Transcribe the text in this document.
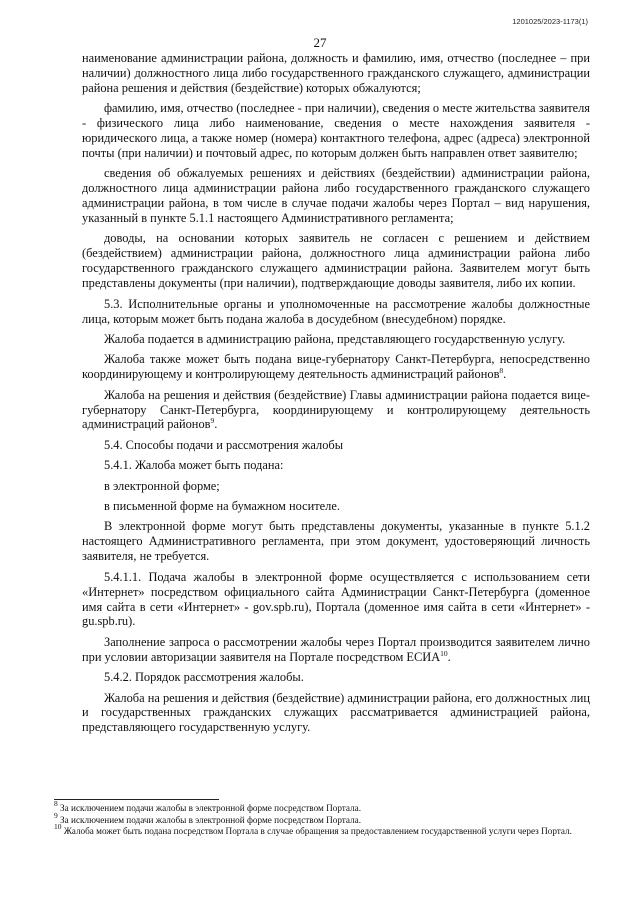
1201025/2023-1173(1)
27
наименование администрации района, должность и фамилию, имя, отчество (последнее – при наличии) должностного лица либо государственного гражданского служащего, администрации района решения и действия (бездействие) которых обжалуются;
фамилию, имя, отчество (последнее - при наличии), сведения о месте жительства заявителя - физического лица либо наименование, сведения о месте нахождения заявителя - юридического лица, а также номер (номера) контактного телефона, адрес (адреса) электронной почты (при наличии) и почтовый адрес, по которым должен быть направлен ответ заявителю;
сведения об обжалуемых решениях и действиях (бездействии) администрации района, должностного лица администрации района либо государственного гражданского служащего администрации района, в том числе в случае подачи жалобы через Портал – вид нарушения, указанный в пункте 5.1.1 настоящего Административного регламента;
доводы, на основании которых заявитель не согласен с решением и действием (бездействием) администрации района, должностного лица администрации района либо государственного гражданского служащего администрации района. Заявителем могут быть представлены документы (при наличии), подтверждающие доводы заявителя, либо их копии.
5.3. Исполнительные органы и уполномоченные на рассмотрение жалобы должностные лица, которым может быть подана жалоба в досудебном (внесудебном) порядке.
Жалоба подается в администрацию района, представляющего государственную услугу.
Жалоба также может быть подана вице-губернатору Санкт-Петербурга, непосредственно координирующему и контролирующему деятельность администраций районов$^8$.
Жалоба на решения и действия (бездействие) Главы администрации района подается вице-губернатору Санкт-Петербурга, координирующему и контролирующему деятельность администраций районов$^9$.
5.4. Способы подачи и рассмотрения жалобы
5.4.1. Жалоба может быть подана:
в электронной форме;
в письменной форме на бумажном носителе.
В электронной форме могут быть представлены документы, указанные в пункте 5.1.2 настоящего Административного регламента, при этом документ, удостоверяющий личность заявителя, не требуется.
5.4.1.1. Подача жалобы в электронной форме осуществляется с использованием сети «Интернет» посредством официального сайта Администрации Санкт-Петербурга (доменное имя сайта в сети «Интернет» - gov.spb.ru), Портала (доменное имя сайта в сети «Интернет» - gu.spb.ru).
Заполнение запроса о рассмотрении жалобы через Портал производится заявителем лично при условии авторизации заявителя на Портале посредством ЕСИА$^{10}$.
5.4.2. Порядок рассмотрения жалобы.
Жалоба на решения и действия (бездействие) администрации района, его должностных лиц и государственных гражданских служащих рассматривается администрацией района, представляющего государственную услугу.
$^8$ За исключением подачи жалобы в электронной форме посредством Портала.
$^9$ За исключением подачи жалобы в электронной форме посредством Портала.
$^{10}$ Жалоба может быть подана посредством Портала в случае обращения за предоставлением государственной услуги через Портал.
